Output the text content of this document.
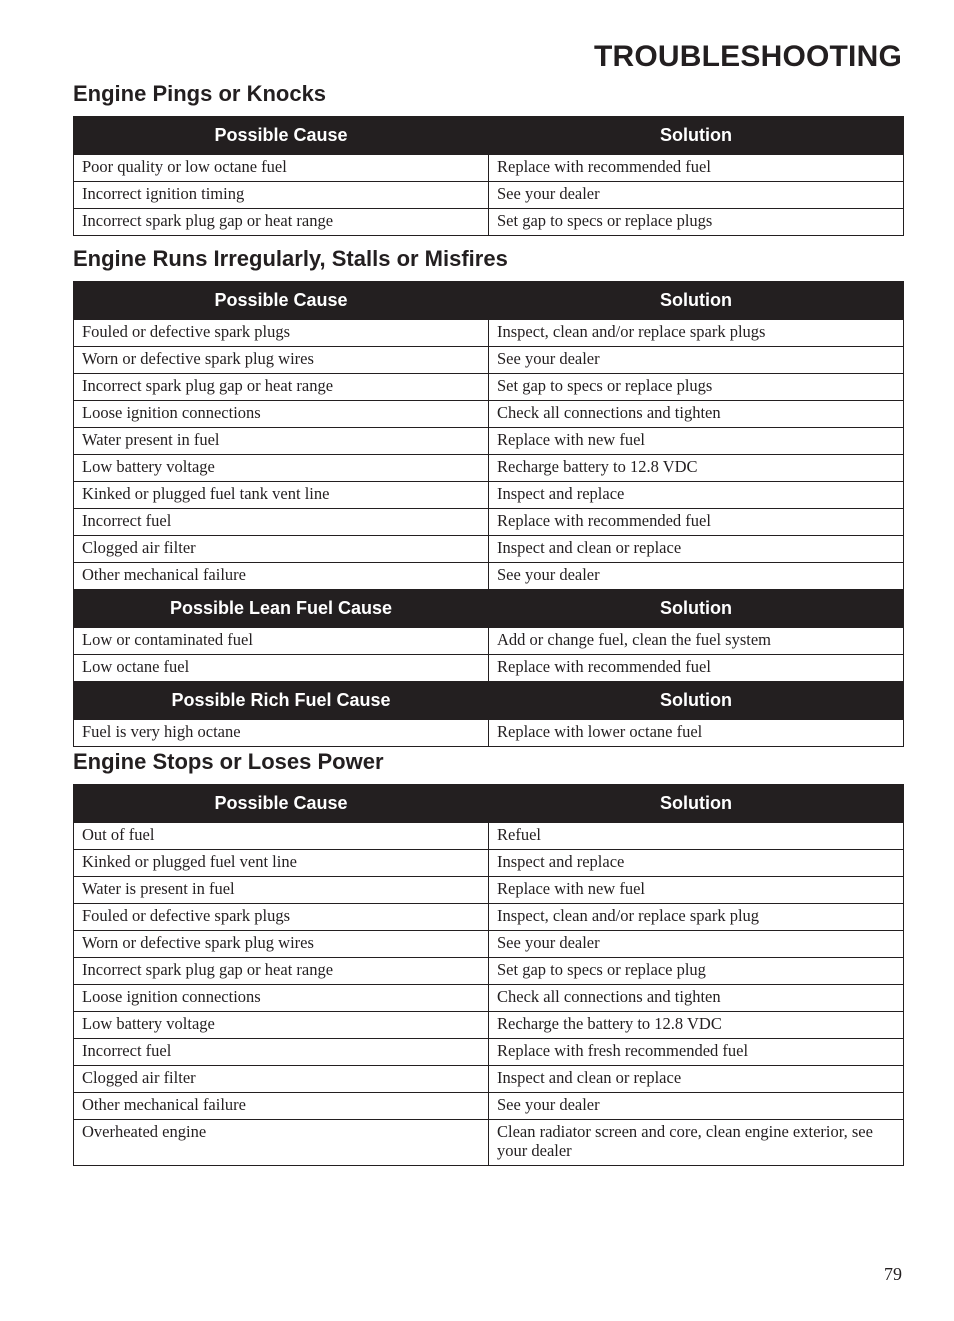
TROUBLESHOOTING
Engine Pings or Knocks
Possible Cause	Solution
Poor quality or low octane fuel	Replace with recommended fuel
Incorrect ignition timing	See your dealer
Incorrect spark plug gap or heat range	Set gap to specs or replace plugs
Engine Runs Irregularly, Stalls or Misfires
Possible Cause	Solution
Fouled or defective spark plugs	Inspect, clean and/or replace spark plugs
Worn or defective spark plug wires	See your dealer
Incorrect spark plug gap or heat range	Set gap to specs or replace plugs
Loose ignition connections	Check all connections and tighten
Water present in fuel	Replace with new fuel
Low battery voltage	Recharge battery to 12.8 VDC
Kinked or plugged fuel tank vent line	Inspect and replace
Incorrect fuel	Replace with recommended fuel
Clogged air filter	Inspect and clean or replace
Other mechanical failure	See your dealer
Possible Lean Fuel Cause	Solution
Low or contaminated fuel	Add or change fuel, clean the fuel system
Low octane fuel	Replace with recommended fuel
Possible Rich Fuel Cause	Solution
Fuel is very high octane	Replace with lower octane fuel
Engine Stops or Loses Power
Possible Cause	Solution
Out of fuel	Refuel
Kinked or plugged fuel vent line	Inspect and replace
Water is present in fuel	Replace with new fuel
Fouled or defective spark plugs	Inspect, clean and/or replace spark plug
Worn or defective spark plug wires	See your dealer
Incorrect spark plug gap or heat range	Set gap to specs or replace plug
Loose ignition connections	Check all connections and tighten
Low battery voltage	Recharge the battery to 12.8 VDC
Incorrect fuel	Replace with fresh recommended fuel
Clogged air filter	Inspect and clean or replace
Other mechanical failure	See your dealer
Overheated engine	Clean radiator screen and core, clean engine exterior, see your dealer
79
